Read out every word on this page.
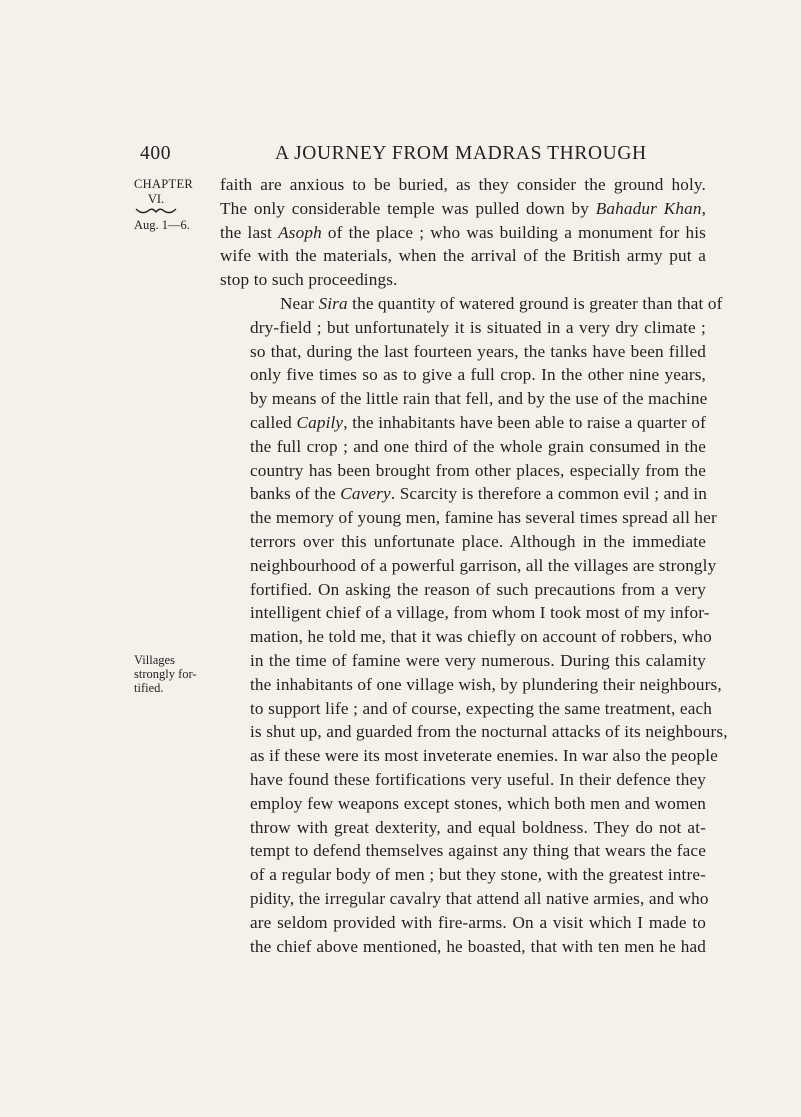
400	A JOURNEY FROM MADRAS THROUGH
CHAPTER
VI.
Aug. 1—6.
Villages strongly for-tified.

faith are anxious to be buried, as they consider the ground holy.
The only considerable temple was pulled down by Bahadur Khan,
the last Asoph of the place ; who was building a monument for his
wife with the materials, when the arrival of the British army put a
stop to such proceedings.

Near Sira the quantity of watered ground is greater than that of
dry-field ; but unfortunately it is situated in a very dry climate ;
so that, during the last fourteen years, the tanks have been filled
only five times so as to give a full crop. In the other nine years,
by means of the little rain that fell, and by the use of the machine
called Capily, the inhabitants have been able to raise a quarter of
the full crop ; and one third of the whole grain consumed in the
country has been brought from other places, especially from the
banks of the Cavery. Scarcity is therefore a common evil ; and in
the memory of young men, famine has several times spread all her
terrors over this unfortunate place. Although in the immediate
neighbourhood of a powerful garrison, all the villages are strongly
fortified. On asking the reason of such precautions from a very
intelligent chief of a village, from whom I took most of my infor-
mation, he told me, that it was chiefly on account of robbers, who
in the time of famine were very numerous. During this calamity
the inhabitants of one village wish, by plundering their neighbours,
to support life ; and of course, expecting the same treatment, each
is shut up, and guarded from the nocturnal attacks of its neighbours,
as if these were its most inveterate enemies. In war also the people
have found these fortifications very useful. In their defence they
employ few weapons except stones, which both men and women
throw with great dexterity, and equal boldness. They do not at-
tempt to defend themselves against any thing that wears the face
of a regular body of men ; but they stone, with the greatest intre-
pidity, the irregular cavalry that attend all native armies, and who
are seldom provided with fire-arms. On a visit which I made to
the chief above mentioned, he boasted, that with ten men he had
